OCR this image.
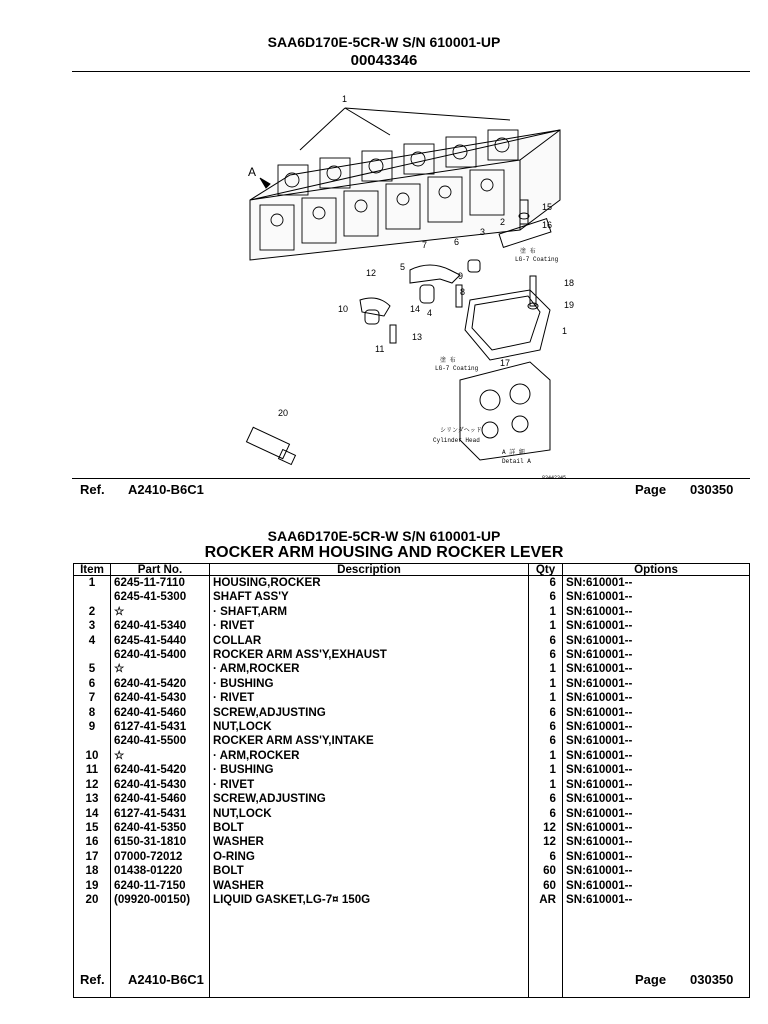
SAA6D170E-5CR-W S/N 610001-UP
00043346
1
A
2
3
4
5
6
7
8
9
10
11
12
13
14
15
16
17
18
19
1
20
塗 布
LG-7 Coating
塗 布
LG-7 Coating
シリンダヘッド
Cylinder Head
A 詳 細
Detail A
83442345
Ref. A2410-B6C1	Page 030350
SAA6D170E-5CR-W S/N 610001-UP
ROCKER ARM HOUSING AND ROCKER LEVER
Item	Part No.	Description	Qty	Options
1	6245-11-7110	HOUSING,ROCKER	6	SN:610001--
	6245-41-5300	SHAFT ASS'Y	6	SN:610001--
2	☆	· SHAFT,ARM	1	SN:610001--
3	6240-41-5340	· RIVET	1	SN:610001--
4	6245-41-5440	COLLAR	6	SN:610001--
	6240-41-5400	ROCKER ARM ASS'Y,EXHAUST	6	SN:610001--
5	☆	· ARM,ROCKER	1	SN:610001--
6	6240-41-5420	· BUSHING	1	SN:610001--
7	6240-41-5430	· RIVET	1	SN:610001--
8	6240-41-5460	SCREW,ADJUSTING	6	SN:610001--
9	6127-41-5431	NUT,LOCK	6	SN:610001--
	6240-41-5500	ROCKER ARM ASS'Y,INTAKE	6	SN:610001--
10	☆	· ARM,ROCKER	1	SN:610001--
11	6240-41-5420	· BUSHING	1	SN:610001--
12	6240-41-5430	· RIVET	1	SN:610001--
13	6240-41-5460	SCREW,ADJUSTING	6	SN:610001--
14	6127-41-5431	NUT,LOCK	6	SN:610001--
15	6240-41-5350	BOLT	12	SN:610001--
16	6150-31-1810	WASHER	12	SN:610001--
17	07000-72012	O-RING	6	SN:610001--
18	01438-01220	BOLT	60	SN:610001--
19	6240-11-7150	WASHER	60	SN:610001--
20	(09920-00150)	LIQUID GASKET,LG-7¤ 150G	AR	SN:610001--

Ref. A2410-B6C1	Page 030350
